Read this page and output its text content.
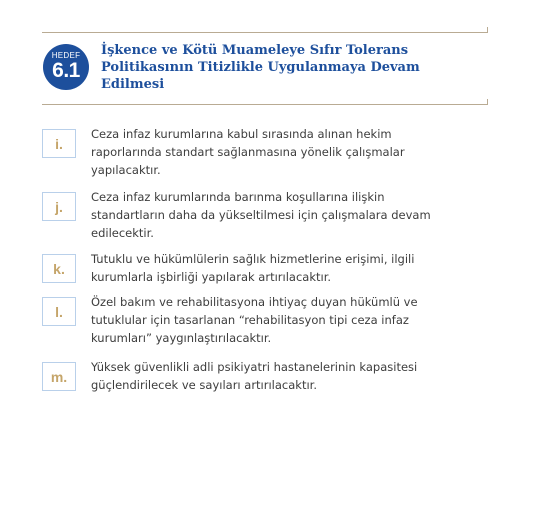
HEDEF
6.1
İşkence ve Kötü Muameleye Sıfır Tolerans Politikasının Titizlikle Uygulanmaya Devam Edilmesi
i.
Ceza infaz kurumlarına kabul sırasında alınan hekim raporlarında standart sağlanmasına yönelik çalışmalar yapılacaktır.
j.
Ceza infaz kurumlarında barınma koşullarına ilişkin standartların daha da yükseltilmesi için çalışmalara devam edilecektir.
k.
Tutuklu ve hükümlülerin sağlık hizmetlerine erişimi, ilgili kurumlarla işbirliği yapılarak artırılacaktır.
l.
Özel bakım ve rehabilitasyona ihtiyaç duyan hükümlü ve tutuklular için tasarlanan “rehabilitasyon tipi ceza infaz kurumları” yaygınlaştırılacaktır.
m.
Yüksek güvenlikli adli psikiyatri hastanelerinin kapasitesi güçlendirilecek ve sayıları artırılacaktır.
